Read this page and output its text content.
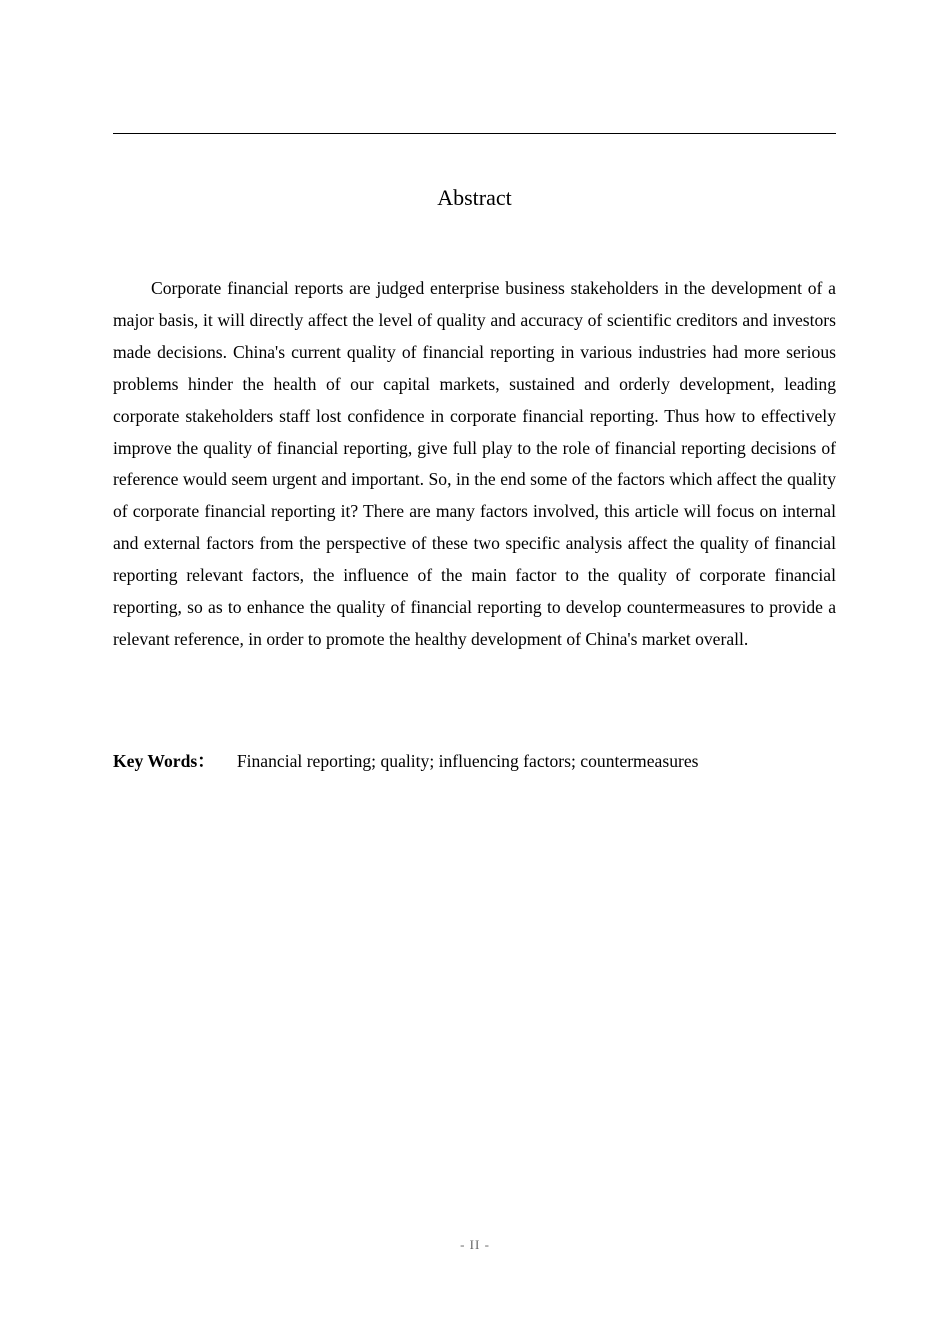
Abstract

Corporate financial reports are judged enterprise business stakeholders in the development of a major basis, it will directly affect the level of quality and accuracy of scientific creditors and investors made decisions. China's current quality of financial reporting in various industries had more serious problems hinder the health of our capital markets, sustained and orderly development, leading corporate stakeholders staff lost confidence in corporate financial reporting. Thus how to effectively improve the quality of financial reporting, give full play to the role of financial reporting decisions of reference would seem urgent and important. So, in the end some of the factors which affect the quality of corporate financial reporting it? There are many factors involved, this article will focus on internal and external factors from the perspective of these two specific analysis affect the quality of financial reporting relevant factors, the influence of the main factor to the quality of corporate financial reporting, so as to enhance the quality of financial reporting to develop countermeasures to provide a relevant reference, in order to promote the healthy development of China's market overall.

Key Words： Financial reporting; quality; influencing factors; countermeasures

- II -
